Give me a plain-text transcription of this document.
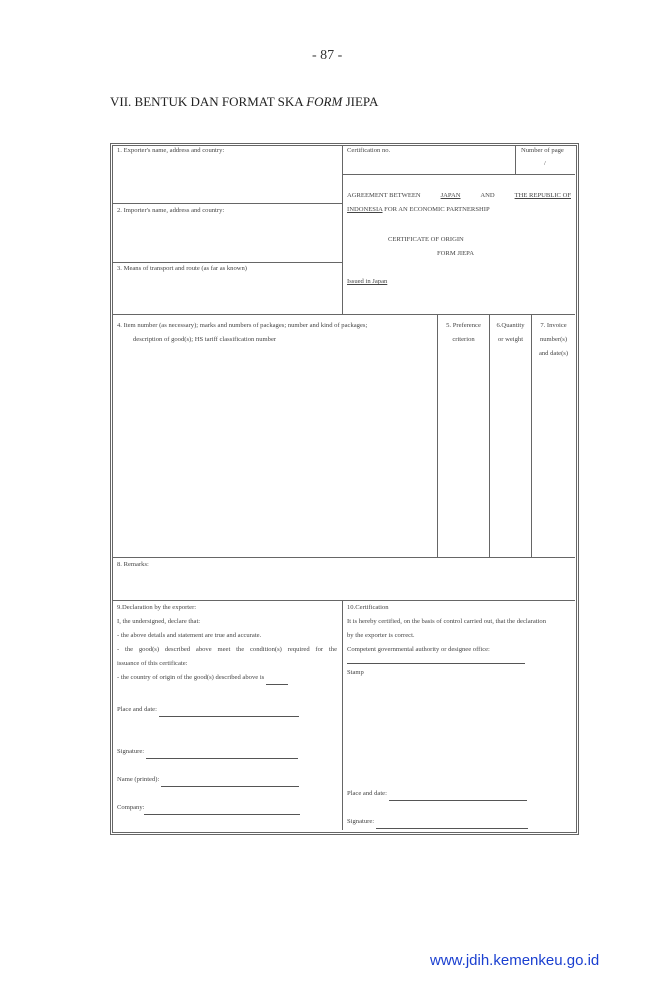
- 87 -
VII. BENTUK DAN FORMAT SKA FORM JIEPA
1. Exporter's name, address and country:
2. Importer's name, address and country:
3. Means of transport and route (as far as known)
Certification no.	Number of page
/
AGREEMENT BETWEEN	JAPAN	AND	THE REPUBLIC OF
INDONESIA FOR AN ECONOMIC PARTNERSHIP
CERTIFICATE OF ORIGIN
FORM JIEPA
Issued in Japan
4. Item number (as necessary); marks and numbers of packages; number and kind of packages;
description of good(s); HS tariff classification number
5. Preference
criterion
6.Quantity
or weight
7. Invoice
number(s)
and date(s)
8. Remarks:
9.Declaration by the exporter:
I, the undersigned, declare that:
- the above details and statement are true and accurate.
- the good(s) described above meet the condition(s) required for the
issuance of this certificate:
- the country of origin of the good(s) described above is
Place and date:
Signature:
Name (printed):
Company:
10.Certification
It is hereby certified, on the basis of control carried out, that the declaration
by the exporter is correct.
Competent governmental authority or designee office:
Stamp
Place and date:
Signature:
www.jdih.kemenkeu.go.id
